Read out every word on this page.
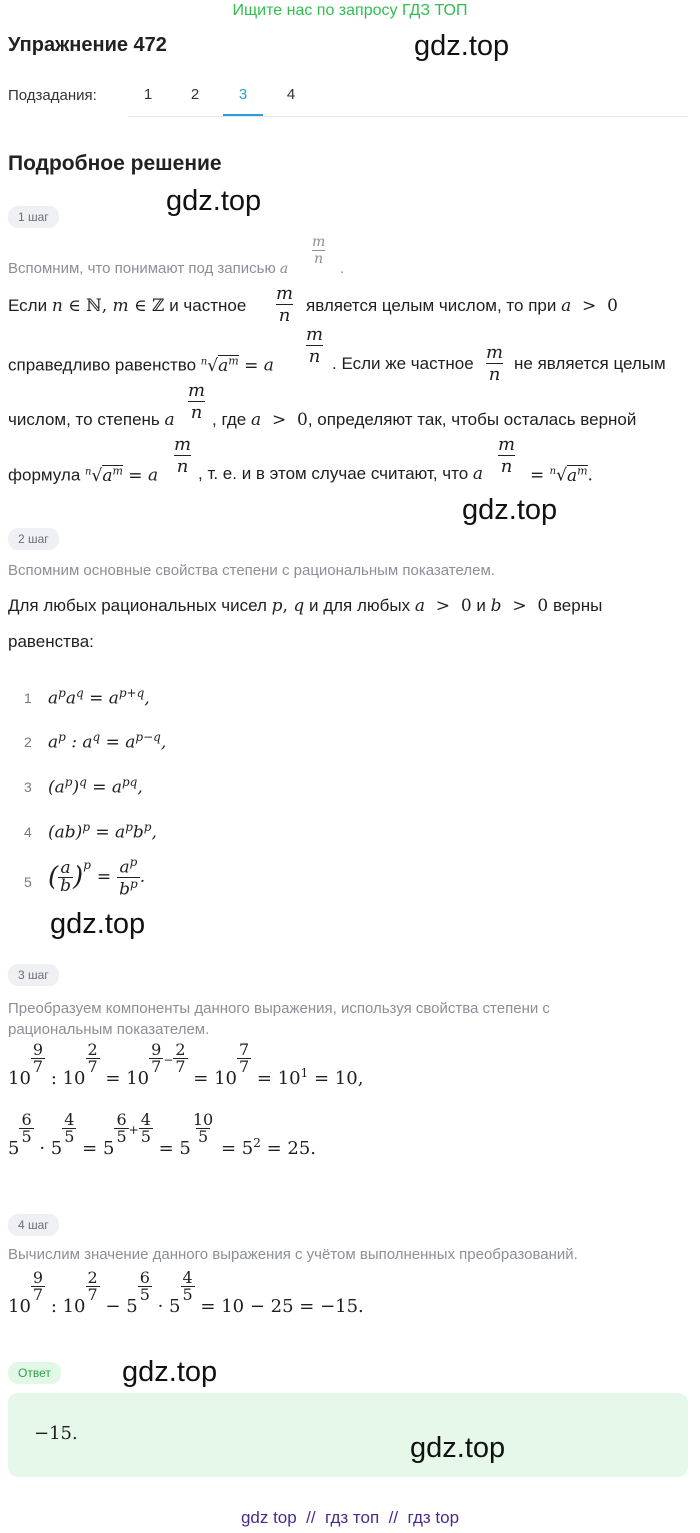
Ищите нас по запросу ГДЗ ТОП
Упражнение 472	gdz.top
Подзадания:	1	2	3	4
Подробное решение
gdz.top
1 шаг
Вспомним, что понимают под записью a
m
n
.
Если n ∈ ℕ, m ∈ ℤ и частное
m
n является целым числом, то при a  >  0
справедливо равенство $^n√a^m = a$
m
n . Если же частное
m
n
не является целым
числом, то степень a
m
n , где a  >  0, определяют так, чтобы осталась верной
формула $^n√a^m = a$
m
n , т. е. и в этом случае считают, что a
m
$n = ^n√a^m$.
gdz.top
2 шаг
Вспомним основные свойства степени с рациональным показателем.
Для любых рациональных чисел p, q и для любых a  >  0 и b  >  0 верны
равенства:
1 $a^pa^q = a^{p+q}$,
2 $a^p$ : $a^q = a^{p-q}$,
3 $(a^p)^q = a^{pq}$,
4 $(ab)^p = a^pb^p$,
5 ( $\frac{a}{b}$ ) p
= $\frac{a^p}{b^p}$ .
gdz.top
3 шаг
Преобразуем компоненты данного выражения, используя свойства степени с рациональным показателем.
10
$\frac{9}{7}$
: 10
$\frac{2}{7}$
= 10
$\frac{9}{7} - \frac{2}{7}$
= 10
$\frac{7}{7}$
= $10^1 = 10$,
5
$\frac{6}{5}$
· 5
$\frac{4}{5}$
= 5
$\frac{6}{5} + \frac{4}{5}$
= 5
$\frac{10}{5}$
= $5^2 = 25$.
4 шаг
Вычислим значение данного выражения с учётом выполненных преобразований.
10
$\frac{9}{7}$
: 10
$\frac{2}{7}$
− 5
$\frac{6}{5}$
· 5
$\frac{4}{5}$
= 10 − 25 = −15.
Ответ	gdz.top
−15.	gdz.top
gdz top  //  гдз топ  //  гдз top
